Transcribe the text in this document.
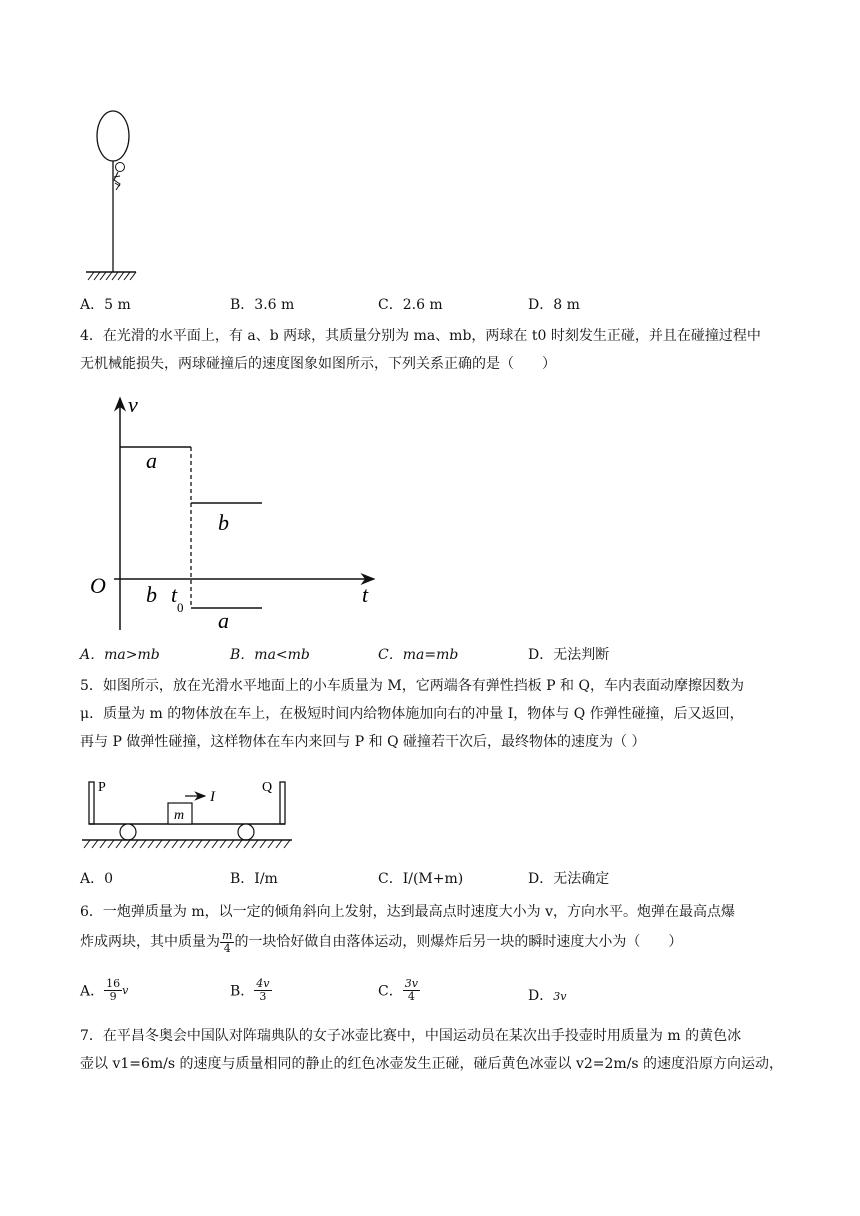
A．5 m	B．3.6 m	C．2.6 m	D．8 m
4．在光滑的水平面上，有 a、b 两球，其质量分别为 ma、mb，两球在 t0 时刻发生正碰，并且在碰撞过程中
无机械能损失，两球碰撞后的速度图象如图所示，下列关系正确的是（　　）
v
a
b
O b t
0
t
a
A．ma>mb	B．ma<mb	C．ma=mb	D．无法判断
5．如图所示，放在光滑水平地面上的小车质量为 M，它两端各有弹性挡板 P 和 Q，车内表面动摩擦因数为
μ．质量为 m 的物体放在车上，在极短时间内给物体施加向右的冲量 I，物体与 Q 作弹性碰撞，后又返回，
再与 P 做弹性碰撞，这样物体在车内来回与 P 和 Q 碰撞若干次后，最终物体的速度为（ ）
m
I
P	Q
A．0	B．I/m	C．I/(M+m)	D．无法确定
6．一炮弹质量为 m，以一定的倾角斜向上发射，达到最高点时速度大小为 v，方向水平。炮弹在最高点爆
炸成两块，其中质量为 $\frac{m}{4}$ 的一块恰好做自由落体运动，则爆炸后另一块的瞬时速度大小为（　　）
A． $\frac{16}{9}$ v	B． $\frac{4v}{3}$	C． $\frac{3v}{4}$	D．3v
7．在平昌冬奥会中国队对阵瑞典队的女子冰壶比赛中，中国运动员在某次出手投壶时用质量为 m 的黄色冰
壶以 v1=6m/s 的速度与质量相同的静止的红色冰壶发生正碰，碰后黄色冰壶以 v2=2m/s 的速度沿原方向运动，
